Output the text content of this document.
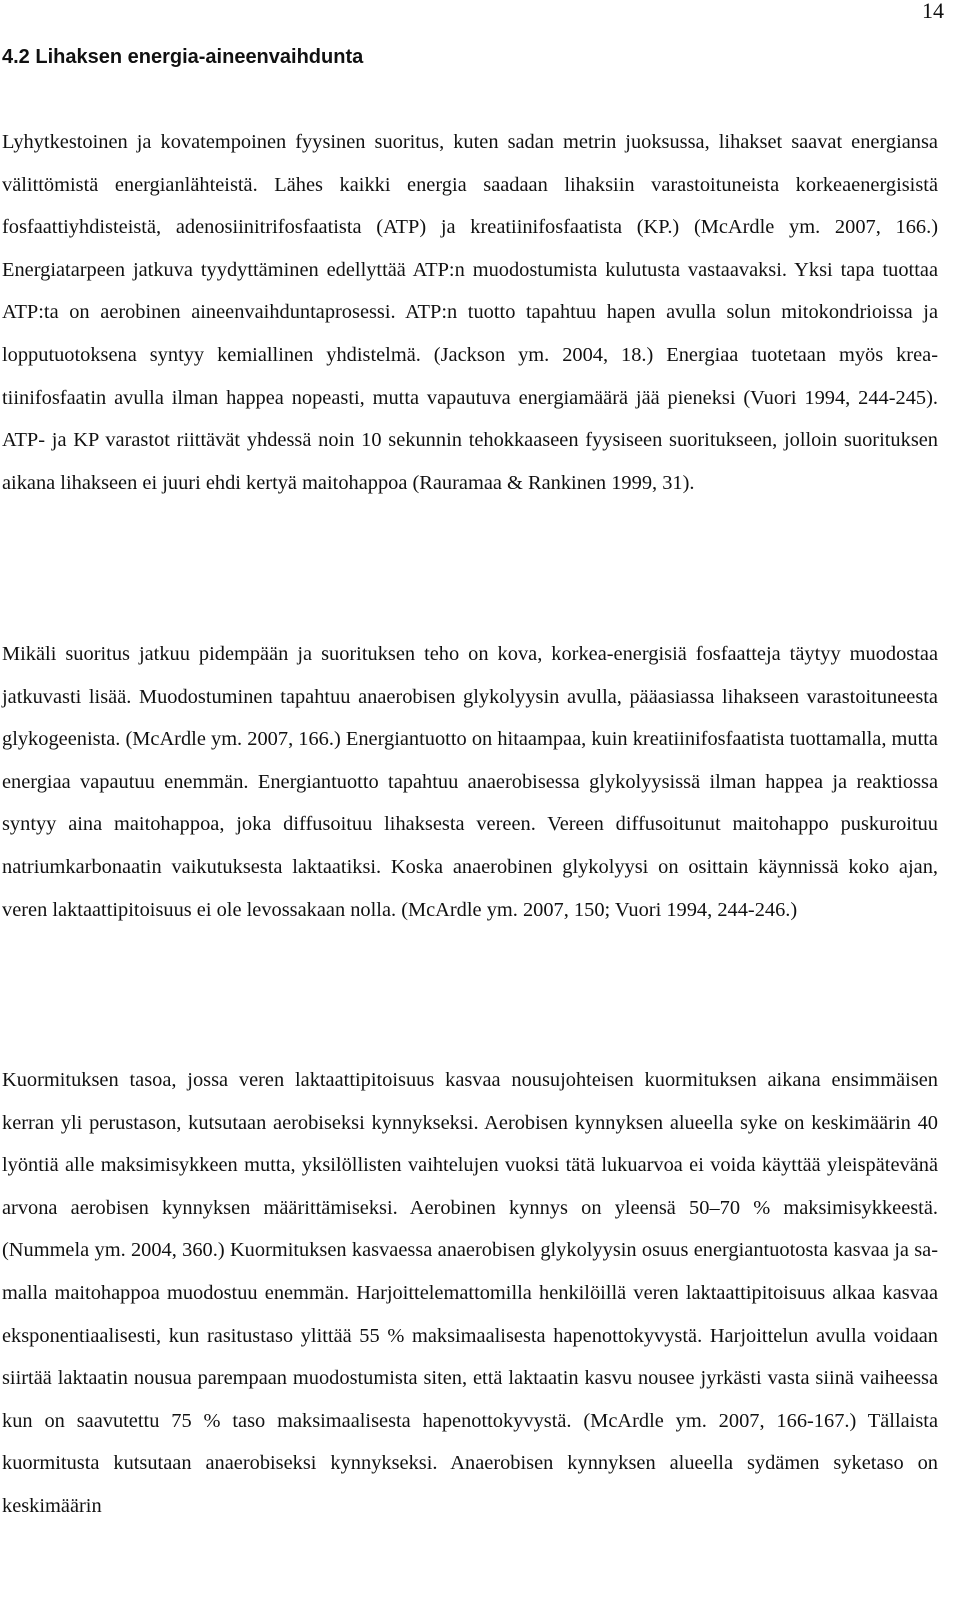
14
4.2 Lihaksen energia-aineenvaihdunta

Lyhytkestoinen ja kovatempoinen fyysinen suoritus, kuten sadan metrin juoksussa, lihakset saavat energiansa välittömistä energianlähteistä. Lähes kaikki energia saadaan lihaksiin varastoituneista korkeaenergisistä fosfaattiyhdisteistä, adenosiinitrifosfaatista (ATP) ja kreatiinifosfaatista (KP.) (McArdle ym. 2007, 166.) Energiatarpeen jatkuva tyydyttäminen edellyttää ATP:n muodostumista kulutusta vastaavaksi. Yksi tapa tuottaa ATP:ta on aerobinen aineenvaihduntaprosessi. ATP:n tuotto tapahtuu hapen avulla solun mitokondrioissa ja lopputuotoksena syntyy kemiallinen yhdistelmä. (Jackson ym. 2004, 18.) Energiaa tuotetaan myös kreatiinifosfaatin avulla ilman happea nopeasti, mutta vapautuva energiamäärä jää pieneksi (Vuori 1994, 244-245). ATP- ja KP varastot riittävät yhdessä noin 10 sekunnin tehokkaaseen fyysiseen suoritukseen, jolloin suorituksen aikana lihakseen ei juuri ehdi kertyä maitohappoa (Rauramaa & Rankinen 1999, 31).

Mikäli suoritus jatkuu pidempään ja suorituksen teho on kova, korkea-energisiä fosfaatteja täytyy muodostaa jatkuvasti lisää. Muodostuminen tapahtuu anaerobisen glykolyysin avulla, pääasiassa lihakseen varastoituneesta glykogeenista. (McArdle ym. 2007, 166.) Energiantuotto on hitaampaa, kuin kreatiinifosfaatista tuottamalla, mutta energiaa vapautuu enemmän. Energiantuotto tapahtuu anaerobisessa glykolyysissä ilman happea ja reaktiossa syntyy aina maitohappoa, joka diffusoituu lihaksesta vereen. Vereen diffusoitunut maitohappo puskuroituu natriumkarbonaatin vaikutuksesta laktaatiksi. Koska anaerobinen glykolyysi on osittain käynnissä koko ajan, veren laktaattipitoisuus ei ole levossakaan nolla. (McArdle ym. 2007, 150; Vuori 1994, 244-246.)

Kuormituksen tasoa, jossa veren laktaattipitoisuus kasvaa nousujohteisen kuormituksen aikana ensimmäisen kerran yli perustason, kutsutaan aerobiseksi kynnykseksi. Aerobisen kynnyksen alueella syke on keskimäärin 40 lyöntiä alle maksimisykkeen mutta, yksilöllisten vaihtelujen vuoksi tätä lukuarvoa ei voida käyttää yleispätevänä arvona aerobisen kynnyksen määrittämiseksi. Aerobinen kynnys on yleensä 50–70 % maksimisykkeestä. (Nummela ym. 2004, 360.) Kuormituksen kasvaessa anaerobisen glykolyysin osuus energiantuotosta kasvaa ja samalla maitohappoa muodostuu enemmän. Harjoittelemattomilla henkilöillä veren laktaattipitoisuus alkaa kasvaa eksponentiaalisesti, kun rasitustaso ylittää 55 % maksimaalisesta hapenottokyvystä. Harjoittelun avulla voidaan siirtää laktaatin nousua parempaan muodostumista siten, että laktaatin kasvu nousee jyrkästi vasta siinä vaiheessa kun on saavutettu 75 % taso maksimaalisesta hapenottokyvystä. (McArdle ym. 2007, 166-167.) Tällaista kuormitusta kutsutaan anaerobiseksi kynnykseksi. Anaerobisen kynnyksen alueella sydämen syketaso on keskimäärin
